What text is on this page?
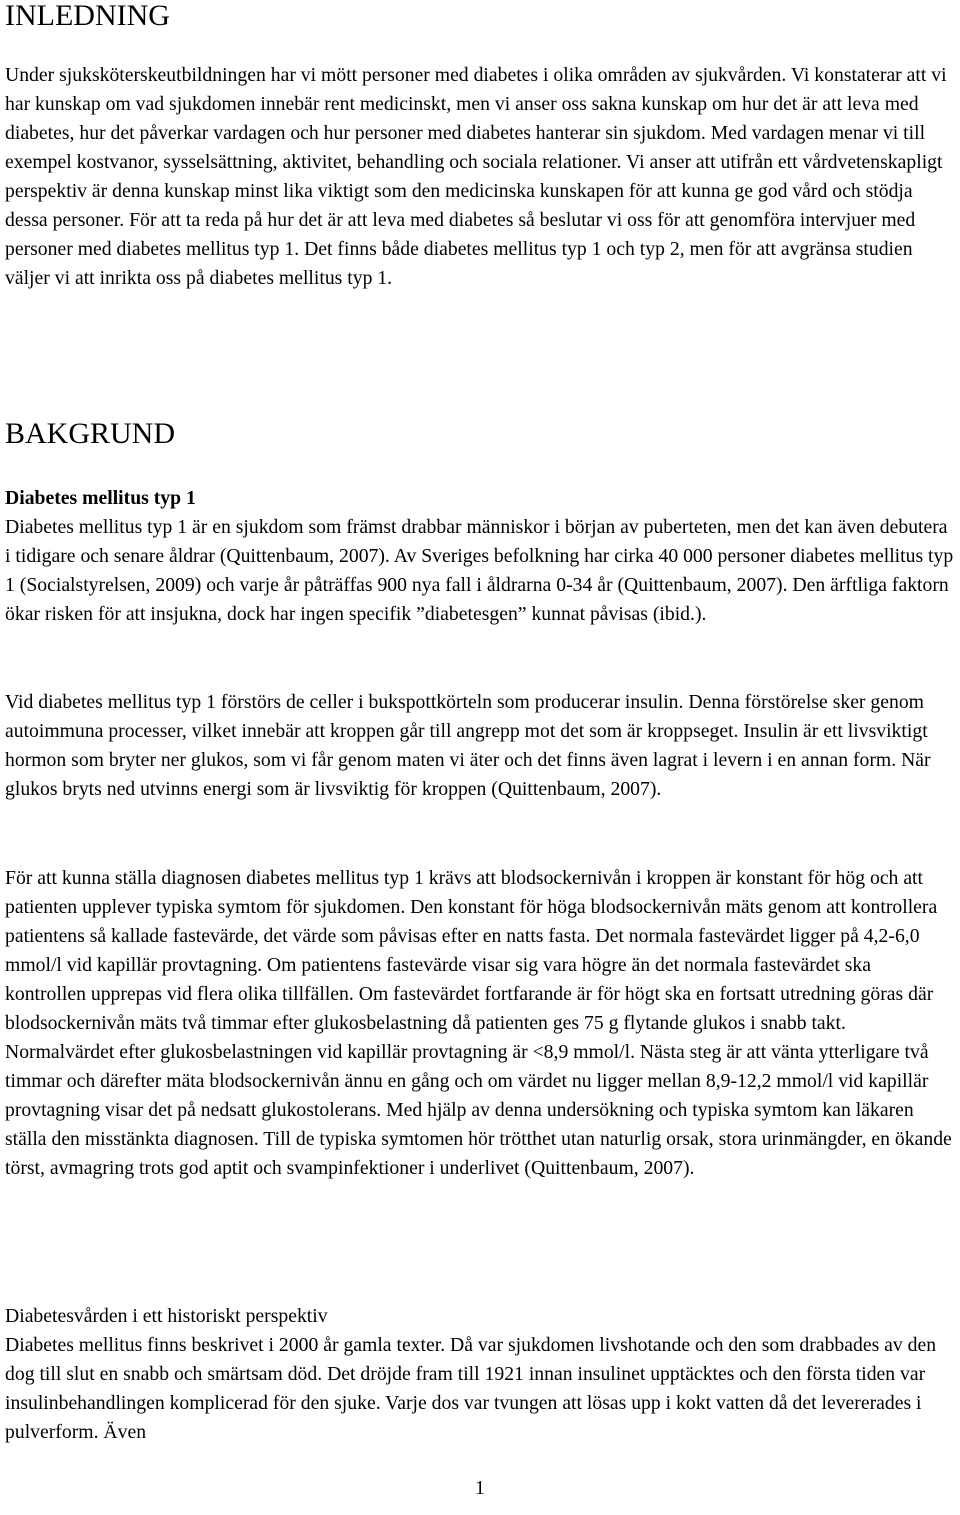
INLEDNING

Under sjuksköterskeutbildningen har vi mött personer med diabetes i olika områden av sjukvården. Vi konstaterar att vi har kunskap om vad sjukdomen innebär rent medicinskt, men vi anser oss sakna kunskap om hur det är att leva med diabetes, hur det påverkar vardagen och hur personer med diabetes hanterar sin sjukdom. Med vardagen menar vi till exempel kostvanor, sysselsättning, aktivitet, behandling och sociala relationer. Vi anser att utifrån ett vårdvetenskapligt perspektiv är denna kunskap minst lika viktigt som den medicinska kunskapen för att kunna ge god vård och stödja dessa personer. För att ta reda på hur det är att leva med diabetes så beslutar vi oss för att genomföra intervjuer med personer med diabetes mellitus typ 1. Det finns både diabetes mellitus typ 1 och typ 2, men för att avgränsa studien väljer vi att inrikta oss på diabetes mellitus typ 1.

BAKGRUND

Diabetes mellitus typ 1

Diabetes mellitus typ 1 är en sjukdom som främst drabbar människor i början av puberteten, men det kan även debutera i tidigare och senare åldrar (Quittenbaum, 2007). Av Sveriges befolkning har cirka 40 000 personer diabetes mellitus typ 1 (Socialstyrelsen, 2009) och varje år påträffas 900 nya fall i åldrarna 0-34 år (Quittenbaum, 2007). Den ärftliga faktorn ökar risken för att insjukna, dock har ingen specifik ”diabetesgen” kunnat påvisas (ibid.).

Vid diabetes mellitus typ 1 förstörs de celler i bukspottkörteln som producerar insulin. Denna förstörelse sker genom autoimmuna processer, vilket innebär att kroppen går till angrepp mot det som är kroppseget. Insulin är ett livsviktigt hormon som bryter ner glukos, som vi får genom maten vi äter och det finns även lagrat i levern i en annan form. När glukos bryts ned utvinns energi som är livsviktig för kroppen (Quittenbaum, 2007).

För att kunna ställa diagnosen diabetes mellitus typ 1 krävs att blodsockernivån i kroppen är konstant för hög och att patienten upplever typiska symtom för sjukdomen. Den konstant för höga blodsockernivån mäts genom att kontrollera patientens så kallade fastevärde, det värde som påvisas efter en natts fasta. Det normala fastevärdet ligger på 4,2-6,0 mmol/l vid kapillär provtagning. Om patientens fastevärde visar sig vara högre än det normala fastevärdet ska kontrollen upprepas vid flera olika tillfällen. Om fastevärdet fortfarande är för högt ska en fortsatt utredning göras där blodsockernivån mäts två timmar efter glukosbelastning då patienten ges 75 g flytande glukos i snabb takt. Normalvärdet efter glukosbelastningen vid kapillär provtagning är <8,9 mmol/l. Nästa steg är att vänta ytterligare två timmar och därefter mäta blodsockernivån ännu en gång och om värdet nu ligger mellan 8,9-12,2 mmol/l vid kapillär provtagning visar det på nedsatt glukostolerans. Med hjälp av denna undersökning och typiska symtom kan läkaren ställa den misstänkta diagnosen. Till de typiska symtomen hör trötthet utan naturlig orsak, stora urinmängder, en ökande törst, avmagring trots god aptit och svampinfektioner i underlivet (Quittenbaum, 2007).

Diabetesvården i ett historiskt perspektiv

Diabetes mellitus finns beskrivet i 2000 år gamla texter. Då var sjukdomen livshotande och den som drabbades av den dog till slut en snabb och smärtsam död. Det dröjde fram till 1921 innan insulinet upptäcktes och den första tiden var insulinbehandlingen komplicerad för den sjuke. Varje dos var tvungen att lösas upp i kokt vatten då det levererades i pulverform. Även

1
